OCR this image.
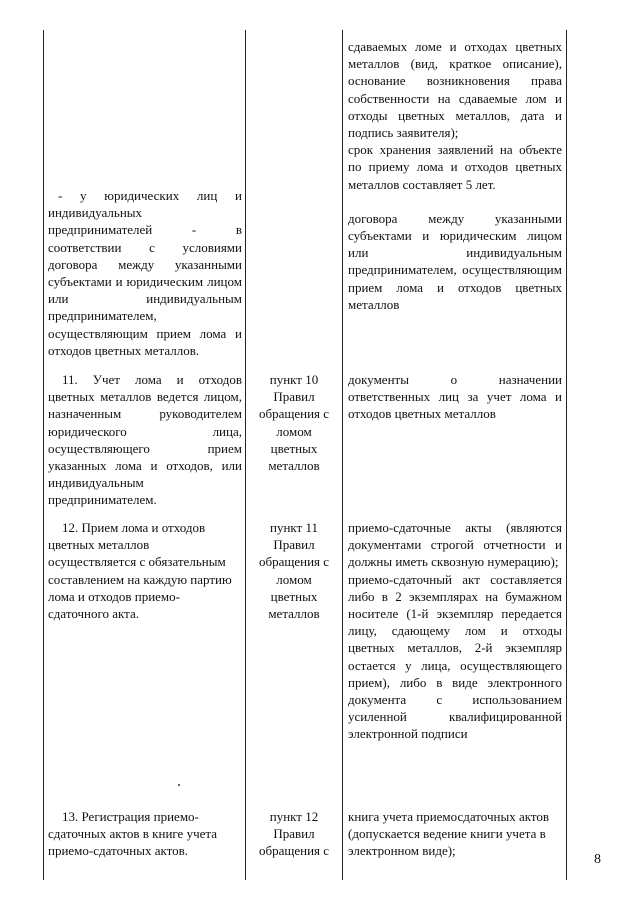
- у юридических лиц и индивидуальных предпринимателей - в соответствии с условиями договора между указанными субъектами и юридическим лицом или индивидуальным предпринимателем, осуществляющим прием лома и отходов цветных металлов.

сдаваемых ломе и отходах цветных металлов (вид, краткое описание), основание возникновения права собственности на сдаваемые лом и отходы цветных металлов, дата и подпись заявителя);

срок хранения заявлений на объекте по приему лома и отходов цветных металлов составляет 5 лет.

договора между указанными субъектами и юридическим лицом или индивидуальным предпринимателем, осуществляющим прием лома и отходов цветных металлов

11. Учет лома и отходов цветных металлов ведется лицом, назначенным руководителем юридического лица, осуществляющего прием указанных лома и отходов, или индивидуальным предпринимателем.

пункт 10 Правил обращения с ломом цветных металлов

документы о назначении ответственных лиц за учет лома и отходов цветных металлов

12. Прием лома и отходов цветных металлов осуществляется с обязательным составлением на каждую партию лома и отходов приемо-сдаточного акта.

пункт 11 Правил обращения с ломом цветных металлов

приемо-сдаточные акты (являются документами строгой отчетности и должны иметь сквозную нумерацию);

приемо-сдаточный акт составляется либо в 2 экземплярах на бумажном носителе (1-й экземпляр передается лицу, сдающему лом и отходы цветных металлов, 2-й экземпляр остается у лица, осуществляющего прием), либо в виде электронного документа с использованием усиленной квалифицированной электронной подписи

13. Регистрация приемо-сдаточных актов в книге учета приемо-сдаточных актов.

пункт 12 Правил обращения с

книга учета приемосдаточных актов (допускается ведение книги учета в электронном виде);

8
